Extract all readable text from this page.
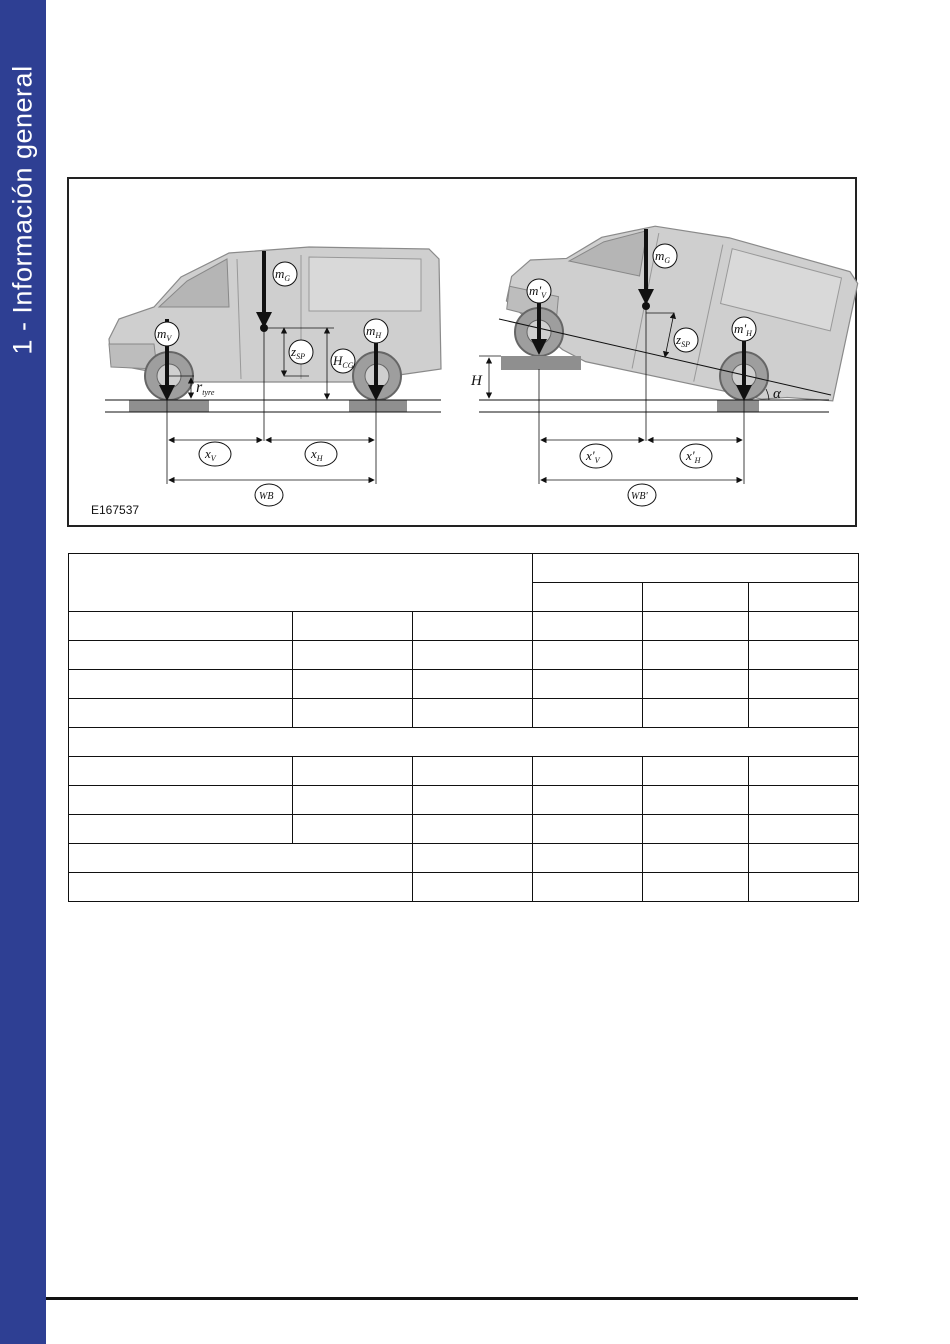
1 - Información general	$m_G$
$m_V$
$m_H$
$z_{SP}$ $H_{CG}$
rtyre
$x_V$	$x_H$
WB
$m_G$
$m'_V$
$m'_H$
$z_{SP}$
H
α
$x'_V$	$x'_H$
WB'
E167537
